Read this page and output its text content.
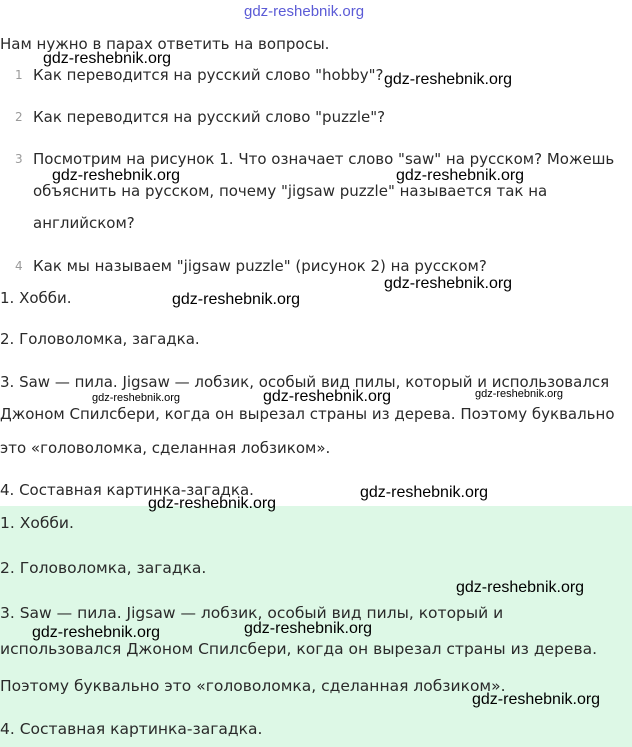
gdz-reshebnik.org
Нам нужно в парах ответить на вопросы.
1 Как переводится на русский слово "hobby"?
2 Как переводится на русский слово "puzzle"?
3 Посмотрим на рисунок 1. Что означает слово "saw" на русском? Можешь
объяснить на русском, почему "jigsaw puzzle" называется так на
английском?
4 Как мы называем "jigsaw puzzle" (рисунок 2) на русском?
1. Хобби.
2. Головоломка, загадка.
3. Saw — пила. Jigsaw — лобзик, особый вид пилы, который и использовался
Джоном Спилсбери, когда он вырезал страны из дерева. Поэтому буквально
это «головоломка, сделанная лобзиком».
4. Составная картинка-загадка.
1. Хобби.
2. Головоломка, загадка.
3. Saw — пила. Jigsaw — лобзик, особый вид пилы, который и
использовался Джоном Спилсбери, когда он вырезал страны из дерева.
Поэтому буквально это «головоломка, сделанная лобзиком».
4. Составная картинка-загадка.
gdz-reshebnik.org
gdz-reshebnik.org
gdz-reshebnik.org	gdz-reshebnik.org
gdz-reshebnik.org
gdz-reshebnik.org
gdz-reshebnik.org	gdz-reshebnik.org	gdz-reshebnik.org
gdz-reshebnik.org
gdz-reshebnik.org
gdz-reshebnik.org
gdz-reshebnik.org	gdz-reshebnik.org
gdz-reshebnik.org
